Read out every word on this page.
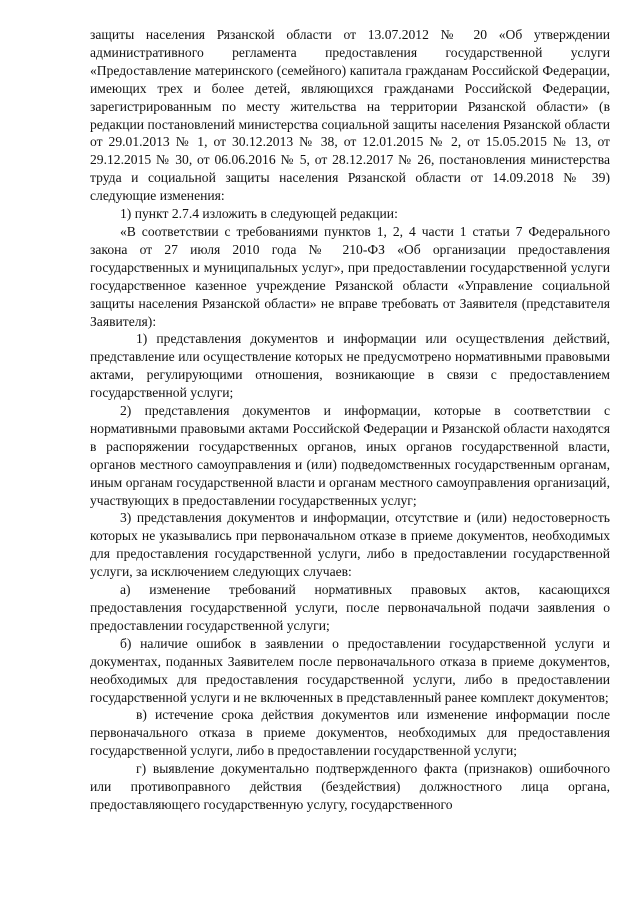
защиты населения Рязанской области от 13.07.2012 № 20 «Об утверждении административного регламента предоставления государственной услуги «Предоставление материнского (семейного) капитала гражданам Российской Федерации, имеющих трех и более детей, являющихся гражданами Российской Федерации, зарегистрированным по месту жительства на территории Рязанской области» (в редакции постановлений министерства социальной защиты населения Рязанской области от 29.01.2013 № 1, от 30.12.2013 № 38, от 12.01.2015 № 2, от 15.05.2015 № 13, от 29.12.2015 № 30, от 06.06.2016 № 5, от 28.12.2017 № 26, постановления министерства труда и социальной защиты населения Рязанской области от 14.09.2018 № 39) следующие изменения:

1) пункт 2.7.4 изложить в следующей редакции:

«В соответствии с требованиями пунктов 1, 2, 4 части 1 статьи 7 Федерального закона от 27 июля 2010 года № 210-ФЗ «Об организации предоставления государственных и муниципальных услуг», при предоставлении государственной услуги государственное казенное учреждение Рязанской области «Управление социальной защиты населения Рязанской области» не вправе требовать от Заявителя (представителя Заявителя):

1) представления документов и информации или осуществления действий, представление или осуществление которых не предусмотрено нормативными правовыми актами, регулирующими отношения, возникающие в связи с предоставлением государственной услуги;

2) представления документов и информации, которые в соответствии с нормативными правовыми актами Российской Федерации и Рязанской области находятся в распоряжении государственных органов, иных органов государственной власти, органов местного самоуправления и (или) подведомственных государственным органам, иным органам государственной власти и органам местного самоуправления организаций, участвующих в предоставлении государственных услуг;

3) представления документов и информации, отсутствие и (или) недостоверность которых не указывались при первоначальном отказе в приеме документов, необходимых для предоставления государственной услуги, либо в предоставлении государственной услуги, за исключением следующих случаев:

а) изменение требований нормативных правовых актов, касающихся предоставления государственной услуги, после первоначальной подачи заявления о предоставлении государственной услуги;

б) наличие ошибок в заявлении о предоставлении государственной услуги и документах, поданных Заявителем после первоначального отказа в приеме документов, необходимых для предоставления государственной услуги, либо в предоставлении государственной услуги и не включенных в представленный ранее комплект документов;

в) истечение срока действия документов или изменение информации после первоначального отказа в приеме документов, необходимых для предоставления государственной услуги, либо в предоставлении государственной услуги;

г) выявление документально подтвержденного факта (признаков) ошибочного или противоправного действия (бездействия) должностного лица органа, предоставляющего государственную услугу, государственного
